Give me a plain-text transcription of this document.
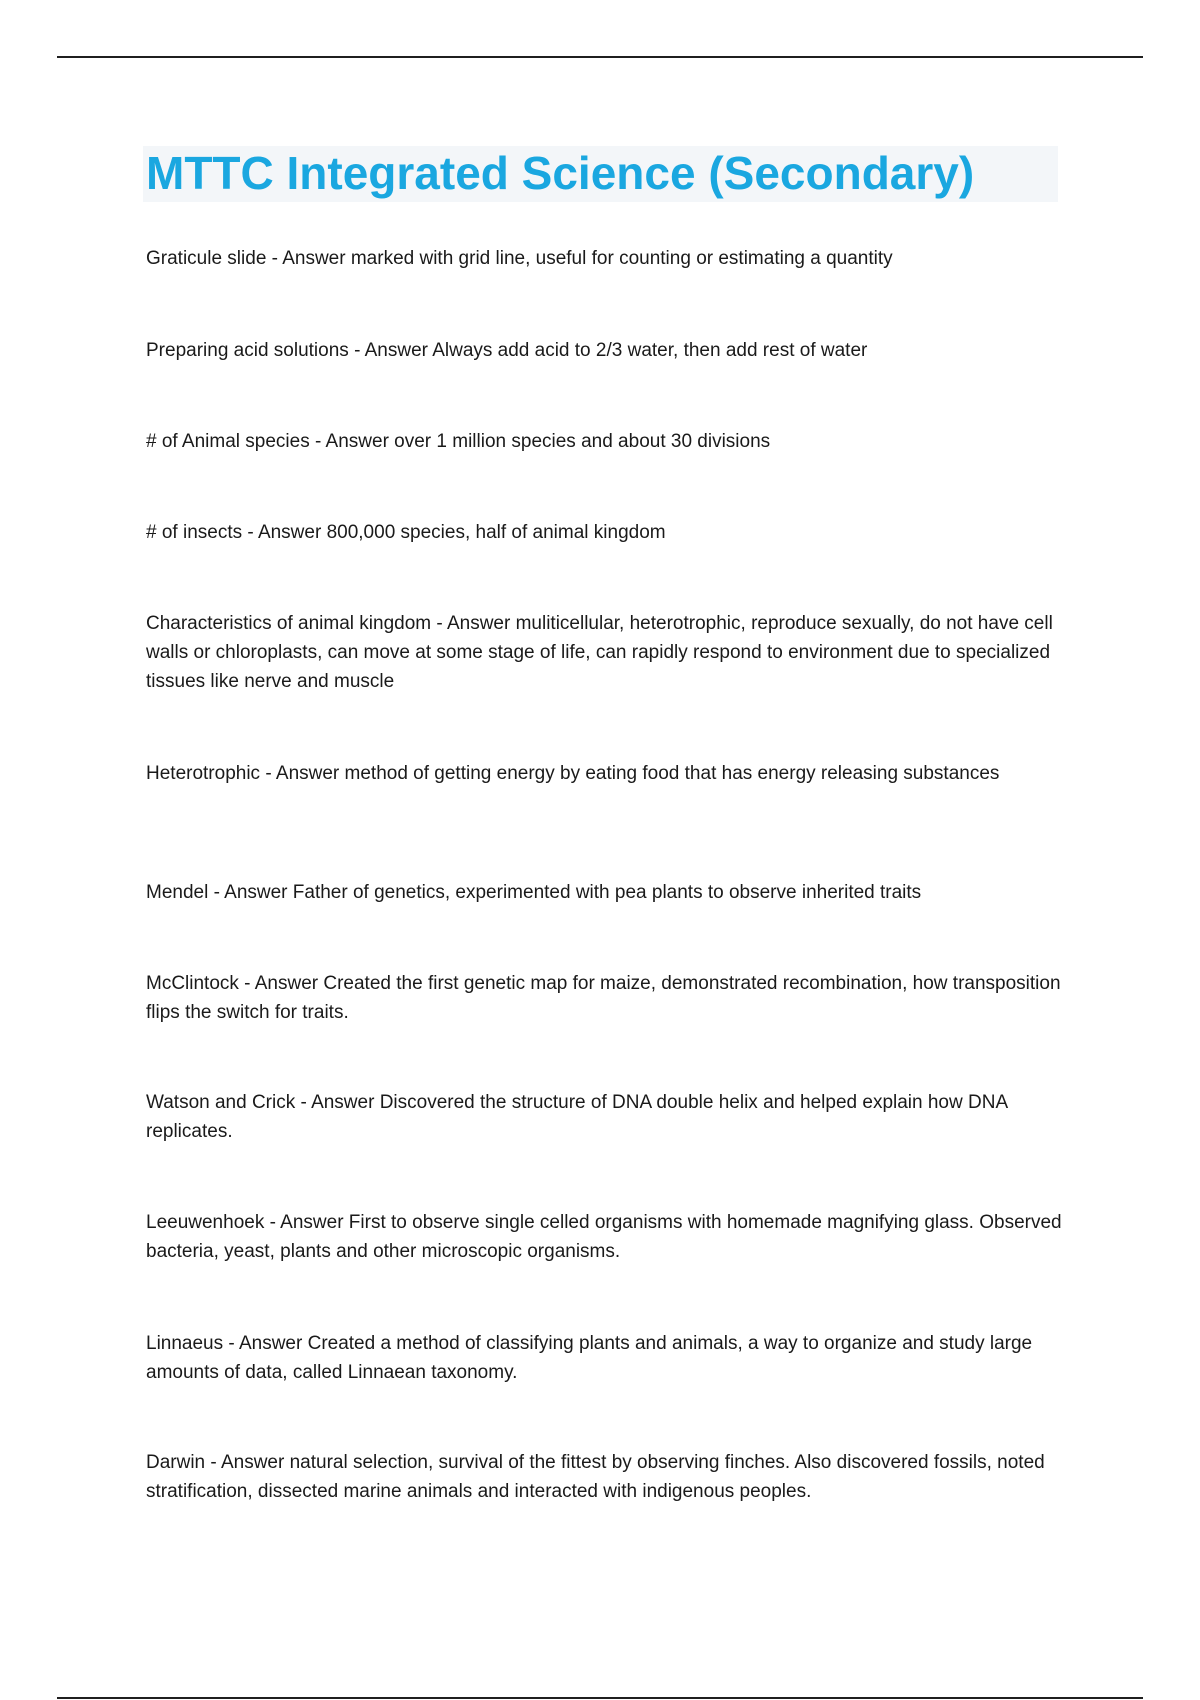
MTTC Integrated Science (Secondary)
Graticule slide - Answer marked with grid line, useful for counting or estimating a quantity
Preparing acid solutions - Answer Always add acid to 2/3 water, then add rest of water
# of Animal species - Answer over 1 million species and about 30 divisions
# of insects - Answer 800,000 species, half of animal kingdom
Characteristics of animal kingdom - Answer muliticellular, heterotrophic, reproduce sexually, do not have cell walls or chloroplasts, can move at some stage of life, can rapidly respond to environment due to specialized tissues like nerve and muscle
Heterotrophic - Answer method of getting energy by eating food that has energy releasing substances
Mendel - Answer Father of genetics, experimented with pea plants to observe inherited traits
McClintock - Answer Created the first genetic map for maize, demonstrated recombination, how transposition flips the switch for traits.
Watson and Crick - Answer Discovered the structure of DNA double helix and helped explain how DNA replicates.
Leeuwenhoek - Answer First to observe single celled organisms with homemade magnifying glass. Observed bacteria, yeast, plants and other microscopic organisms.
Linnaeus - Answer Created a method of classifying plants and animals, a way to organize and study large amounts of data, called Linnaean taxonomy.
Darwin - Answer natural selection, survival of the fittest by observing finches. Also discovered fossils, noted stratification, dissected marine animals and interacted with indigenous peoples.
